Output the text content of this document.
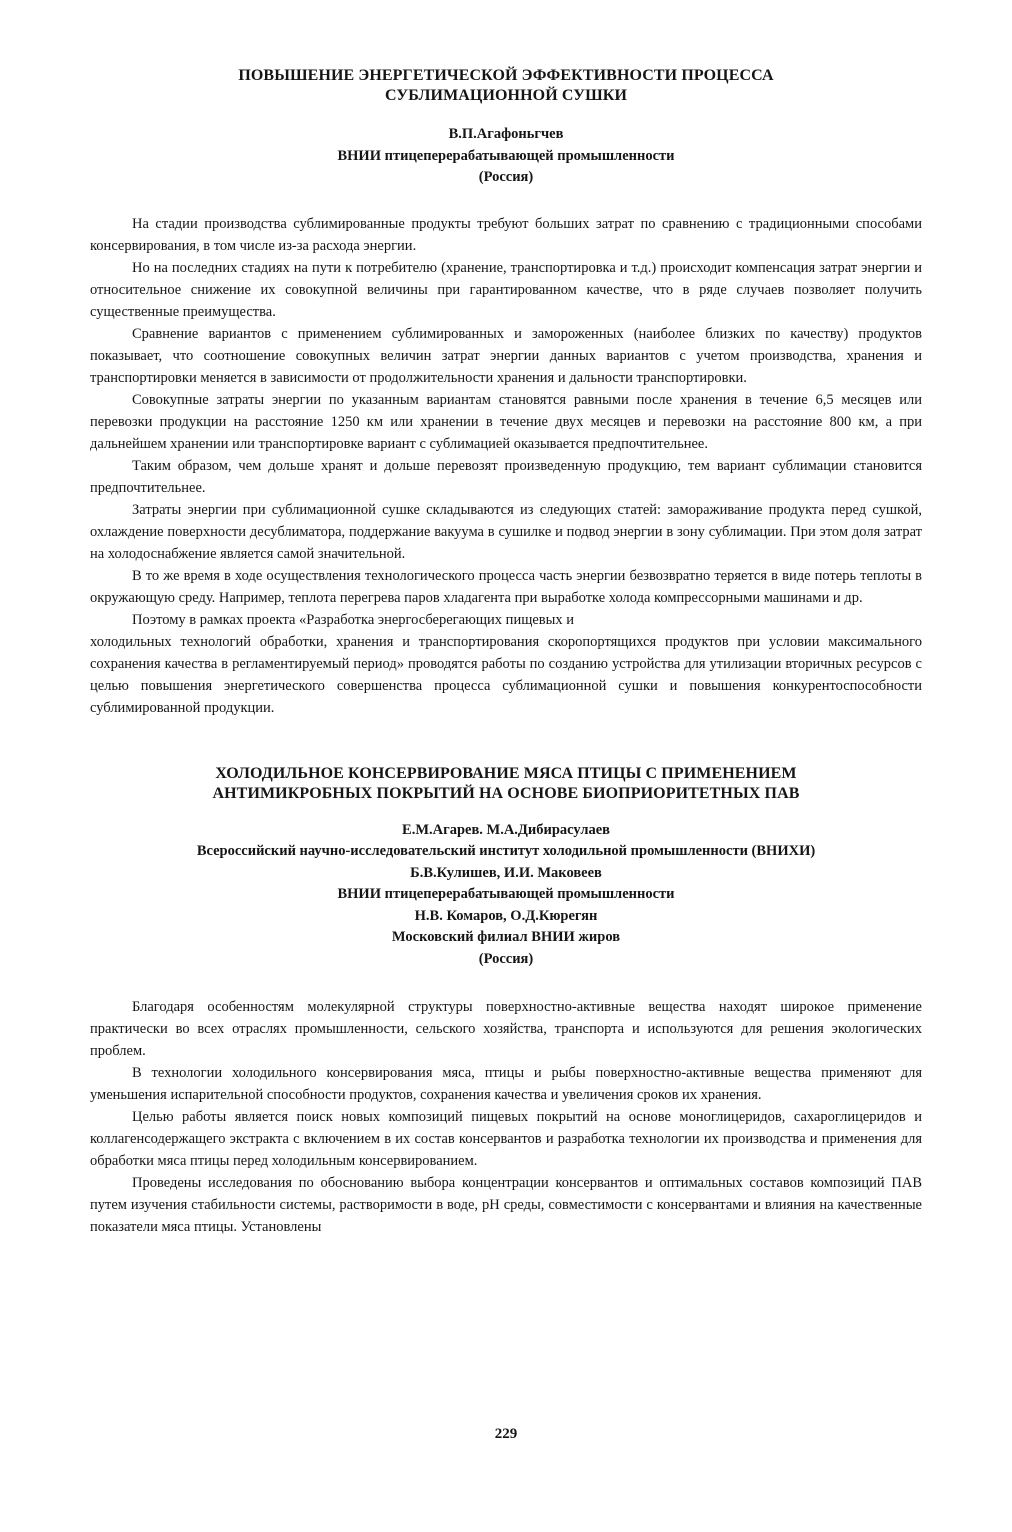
ПОВЫШЕНИЕ ЭНЕРГЕТИЧЕСКОЙ ЭФФЕКТИВНОСТИ ПРОЦЕССА
СУБЛИМАЦИОННОЙ СУШКИ
В.П.Агафоньгчев
ВНИИ птицеперерабатывающей промышленности
(Россия)

На стадии производства сублимированные продукты требуют больших затрат по сравнению с традиционными способами консервирования, в том числе из-за расхода энергии.

Но на последних стадиях на пути к потребителю (хранение, транспортировка и т.д.) происходит компенсация затрат энергии и относительное снижение их совокупной величины при гарантированном качестве, что в ряде случаев позволяет получить существенные преимущества.

Сравнение вариантов с применением сублимированных и замороженных (наиболее близких по качеству) продуктов показывает, что соотношение совокупных величин затрат энергии данных вариантов с учетом производства, хранения и транспортировки меняется в зависимости от продолжительности хранения и дальности транспортировки.

Совокупные затраты энергии по указанным вариантам становятся равными после хранения в течение 6,5 месяцев или перевозки продукции на расстояние 1250 км или хранении в течение двух месяцев и перевозки на расстояние 800 км, а при дальнейшем хранении или транспортировке вариант с сублимацией оказывается предпочтительнее.

Таким образом, чем дольше хранят и дольше перевозят произведенную продукцию, тем вариант сублимации становится предпочтительнее.

Затраты энергии при сублимационной сушке складываются из следующих статей: замораживание продукта перед сушкой, охлаждение поверхности десублиматора, поддержание вакуума в сушилке и подвод энергии в зону сублимации. При этом доля затрат на холодоснабжение является самой значительной.

В то же время в ходе осуществления технологического процесса часть энергии безвозвратно теряется в виде потерь теплоты в окружающую среду. Например, теплота перегрева паров хладагента при выработке холода компрессорными машинами и др.

Поэтому в рамках проекта «Разработка энергосберегающих пищевых и

холодильных технологий обработки, хранения и транспортирования скоропортящихся продуктов при условии максимального сохранения качества в регламентируемый период» проводятся работы по созданию устройства для утилизации вторичных ресурсов с целью повышения энергетического совершенства процесса сублимационной сушки и повышения конкурентоспособности сублимированной продукции.

ХОЛОДИЛЬНОЕ КОНСЕРВИРОВАНИЕ МЯСА ПТИЦЫ С ПРИМЕНЕНИЕМ
АНТИМИКРОБНЫХ ПОКРЫТИЙ НА ОСНОВЕ БИОПРИОРИТЕТНЫХ ПАВ
Е.М.Агарев. М.А.Дибирасулаев
Всероссийский научно-исследовательский институт холодильной промышленности (ВНИХИ)
Б.В.Кулишев, И.И. Маковеев
ВНИИ птицеперерабатывающей промышленности
Н.В. Комаров, О.Д.Кюрегян
Московский филиал ВНИИ жиров
(Россия)

Благодаря особенностям молекулярной структуры поверхностно-активные вещества находят широкое применение практически во всех отраслях промышленности, сельского хозяйства, транспорта и используются для решения экологических проблем.

В технологии холодильного консервирования мяса, птицы и рыбы поверхностно-активные вещества применяют для уменьшения испарительной способности продуктов, сохранения качества и увеличения сроков их хранения.

Целью работы является поиск новых композиций пищевых покрытий на основе моноглицеридов, сахароглицеридов и коллагенсодержащего экстракта с включением в их состав консервантов и разработка технологии их производства и применения для обработки мяса птицы перед холодильным консервированием.

Проведены исследования по обоснованию выбора концентрации консервантов и оптимальных составов композиций ПАВ путем изучения стабильности системы, растворимости в воде, pH среды, совместимости с консервантами и влияния на качественные показатели мяса птицы. Установлены

229
